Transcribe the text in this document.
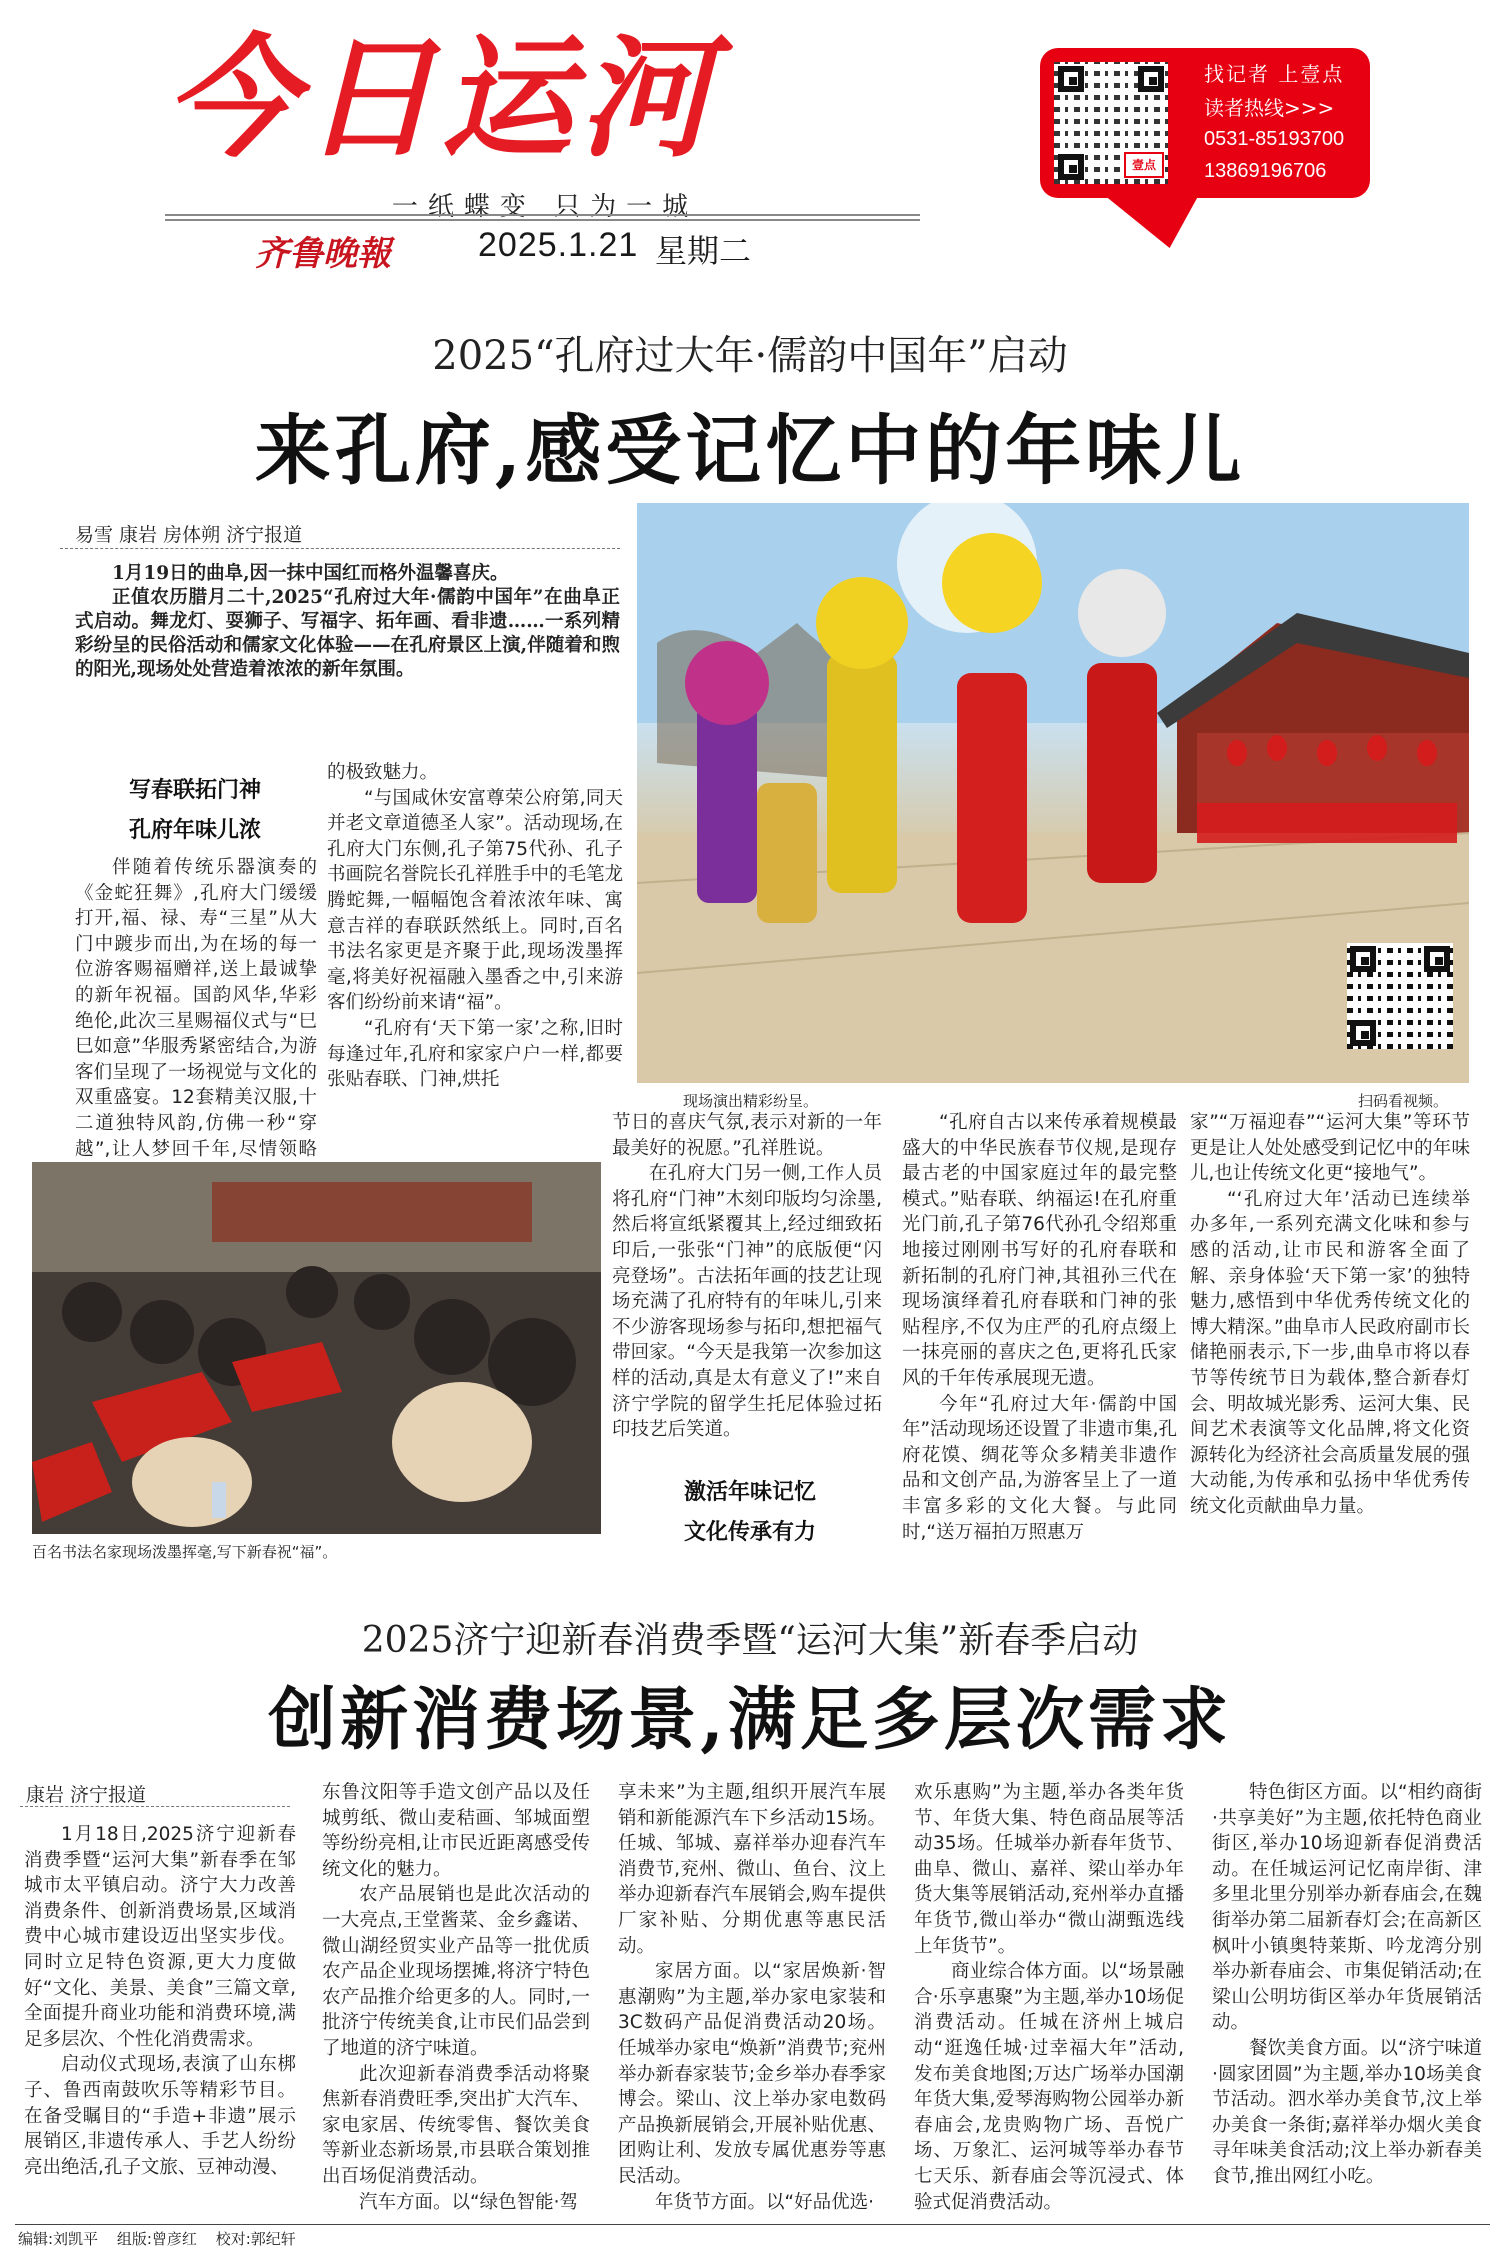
今日运河
一纸蝶变 只为一城
齐鲁晚報	2025.1.21 星期二
壹点
找记者 上壹点
读者热线>>>
0531-85193700
13869196706
2025“孔府过大年·儒韵中国年”启动
来孔府,感受记忆中的年味儿
易雪 康岩 房体朔 济宁报道

1月19日的曲阜,因一抹中国红而格外温馨喜庆。

正值农历腊月二十,2025“孔府过大年·儒韵中国年”在曲阜正式启动。舞龙灯、耍狮子、写福字、拓年画、看非遗……一系列精彩纷呈的民俗活动和儒家文化体验——在孔府景区上演,伴随着和煦的阳光,现场处处营造着浓浓的新年氛围。

写春联拓门神
孔府年味儿浓

伴随着传统乐器演奏的《金蛇狂舞》,孔府大门缓缓打开,福、禄、寿“三星”从大门中踱步而出,为在场的每一位游客赐福赠祥,送上最诚挚的新年祝福。国韵风华,华彩绝伦,此次三星赐福仪式与“巳巳如意”华服秀紧密结合,为游客们呈现了一场视觉与文化的双重盛宴。12套精美汉服,十二道独特风韵,仿佛一秒“穿越”,让人梦回千年,尽情领略

的极致魅力。

“与国咸休安富尊荣公府第,同天并老文章道德圣人家”。活动现场,在孔府大门东侧,孔子第75代孙、孔子书画院名誉院长孔祥胜手中的毛笔龙腾蛇舞,一幅幅饱含着浓浓年味、寓意吉祥的春联跃然纸上。同时,百名书法名家更是齐聚于此,现场泼墨挥毫,将美好祝福融入墨香之中,引来游客们纷纷前来请“福”。

“孔府有‘天下第一家’之称,旧时每逢过年,孔府和家家户户一样,都要张贴春联、门神,烘托

现场演出精彩纷呈。	扫码看视频。
百名书法名家现场泼墨挥毫,写下新春祝“福”。

节日的喜庆气氛,表示对新的一年最美好的祝愿。”孔祥胜说。

在孔府大门另一侧,工作人员将孔府“门神”木刻印版均匀涂墨,然后将宣纸紧覆其上,经过细致拓印后,一张张“门神”的底版便“闪亮登场”。古法拓年画的技艺让现场充满了孔府特有的年味儿,引来不少游客现场参与拓印,想把福气带回家。“今天是我第一次参加这样的活动,真是太有意义了!”来自济宁学院的留学生托尼体验过拓印技艺后笑道。

激活年味记忆
文化传承有力

“孔府自古以来传承着规模最盛大的中华民族春节仪规,是现存最古老的中国家庭过年的最完整模式。”贴春联、纳福运!在孔府重光门前,孔子第76代孙孔令绍郑重地接过刚刚书写好的孔府春联和新拓制的孔府门神,其祖孙三代在现场演绎着孔府春联和门神的张贴程序,不仅为庄严的孔府点缀上一抹亮丽的喜庆之色,更将孔氏家风的千年传承展现无遗。

今年“孔府过大年·儒韵中国年”活动现场还设置了非遗市集,孔府花馍、绸花等众多精美非遗作品和文创产品,为游客呈上了一道丰富多彩的文化大餐。与此同时,“送万福拍万照惠万

家”“万福迎春”“运河大集”等环节更是让人处处感受到记忆中的年味儿,也让传统文化更“接地气”。

“‘孔府过大年’活动已连续举办多年,一系列充满文化味和参与感的活动,让市民和游客全面了解、亲身体验‘天下第一家’的独特魅力,感悟到中华优秀传统文化的博大精深。”曲阜市人民政府副市长储艳丽表示,下一步,曲阜市将以春节等传统节日为载体,整合新春灯会、明故城光影秀、运河大集、民间艺术表演等文化品牌,将文化资源转化为经济社会高质量发展的强大动能,为传承和弘扬中华优秀传统文化贡献曲阜力量。

2025济宁迎新春消费季暨“运河大集”新春季启动
创新消费场景,满足多层次需求
康岩 济宁报道

1月18日,2025济宁迎新春消费季暨“运河大集”新春季在邹城市太平镇启动。济宁大力改善消费条件、创新消费场景,区域消费中心城市建设迈出坚实步伐。同时立足特色资源,更大力度做好“文化、美景、美食”三篇文章,全面提升商业功能和消费环境,满足多层次、个性化消费需求。

启动仪式现场,表演了山东梆子、鲁西南鼓吹乐等精彩节目。在备受瞩目的“手造+非遗”展示展销区,非遗传承人、手艺人纷纷亮出绝活,孔子文旅、豆神动漫、

东鲁汶阳等手造文创产品以及任城剪纸、微山麦秸画、邹城面塑等纷纷亮相,让市民近距离感受传统文化的魅力。

农产品展销也是此次活动的一大亮点,王堂酱菜、金乡鑫诺、微山湖经贸实业产品等一批优质农产品企业现场摆摊,将济宁特色农产品推介给更多的人。同时,一批济宁传统美食,让市民们品尝到了地道的济宁味道。

此次迎新春消费季活动将聚焦新春消费旺季,突出扩大汽车、家电家居、传统零售、餐饮美食等新业态新场景,市县联合策划推出百场促消费活动。

汽车方面。以“绿色智能·驾

享未来”为主题,组织开展汽车展销和新能源汽车下乡活动15场。任城、邹城、嘉祥举办迎春汽车消费节,兖州、微山、鱼台、汶上举办迎新春汽车展销会,购车提供厂家补贴、分期优惠等惠民活动。

家居方面。以“家居焕新·智惠潮购”为主题,举办家电家装和3C数码产品促消费活动20场。任城举办家电“焕新”消费节;兖州举办新春家装节;金乡举办春季家博会。梁山、汶上举办家电数码产品换新展销会,开展补贴优惠、团购让利、发放专属优惠券等惠民活动。

年货节方面。以“好品优选·

欢乐惠购”为主题,举办各类年货节、年货大集、特色商品展等活动35场。任城举办新春年货节、曲阜、微山、嘉祥、梁山举办年货大集等展销活动,兖州举办直播年货节,微山举办“微山湖甄选线上年货节”。

商业综合体方面。以“场景融合·乐享惠聚”为主题,举办10场促消费活动。任城在济州上城启动“逛逸任城·过幸福大年”活动,发布美食地图;万达广场举办国潮年货大集,爱琴海购物公园举办新春庙会,龙贵购物广场、吾悦广场、万象汇、运河城等举办春节七天乐、新春庙会等沉浸式、体验式促消费活动。

特色街区方面。以“相约商街·共享美好”为主题,依托特色商业街区,举办10场迎新春促消费活动。在任城运河记忆南岸街、津多里北里分别举办新春庙会,在魏街举办第二届新春灯会;在高新区枫叶小镇奥特莱斯、吟龙湾分别举办新春庙会、市集促销活动;在梁山公明坊街区举办年货展销活动。

餐饮美食方面。以“济宁味道·圆家团圆”为主题,举办10场美食节活动。泗水举办美食节,汶上举办美食一条街;嘉祥举办烟火美食寻年味美食活动;汶上举办新春美食节,推出网红小吃。

编辑:刘凯平 组版:曾彦红 校对:郭纪轩
